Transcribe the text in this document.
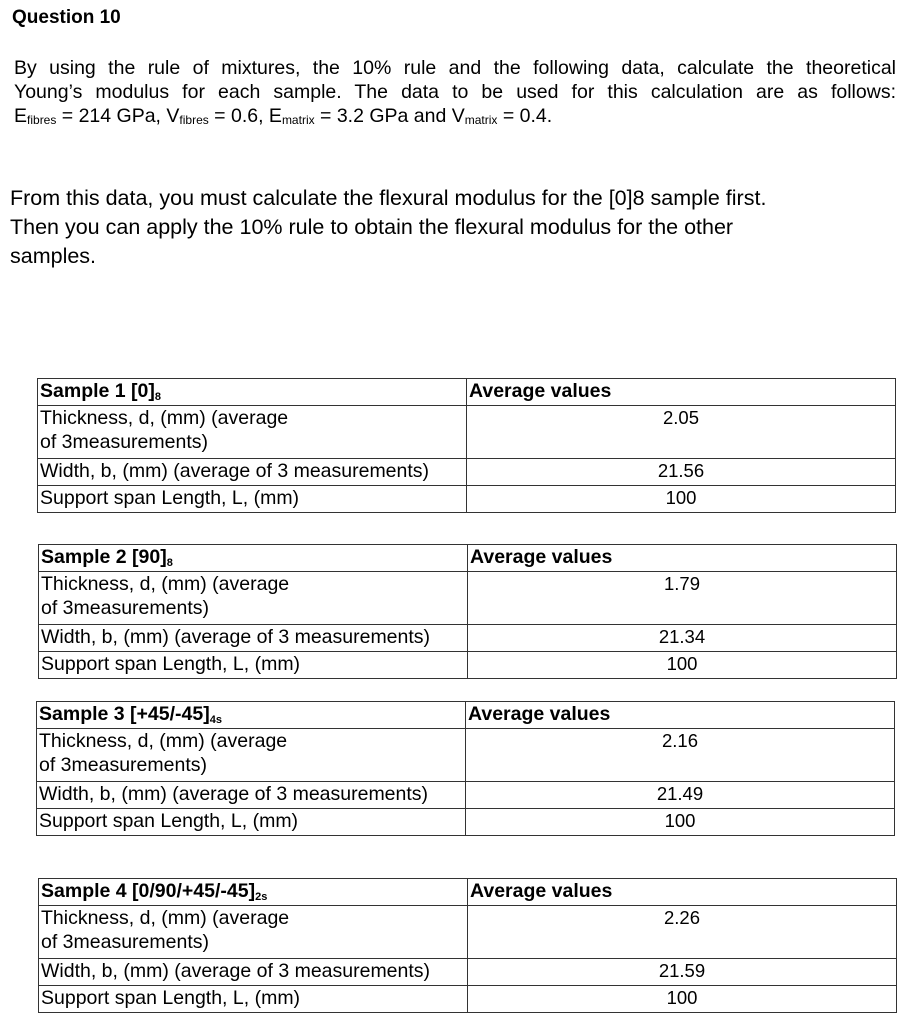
Question 10

By using the rule of mixtures, the 10% rule and the following data, calculate the theoretical

Young’s modulus for each sample. The data to be used for this calculation are as follows:

$E_{fibres} = 214$ GPa, $V_{fibres} = 0.6$, $E_{matrix} = 3.2$ GPa and $V_{matrix} = 0.4$.

From this data, you must calculate the flexural modulus for the [0]8 sample first.

Then you can apply the 10% rule to obtain the flexural modulus for the other

samples.

Sample 1 $[0]_8$	Average values
Thickness, d, (mm) (average
of 3measurements)	2.05
Width, b, (mm) (average of 3 measurements)	21.56
Support span Length, L, (mm)	100
Sample 2 $[90]_8$	Average values
Thickness, d, (mm) (average
of 3measurements)	1.79
Width, b, (mm) (average of 3 measurements)	21.34
Support span Length, L, (mm)	100
Sample 3 $[+45/-45]_{4s}$	Average values
Thickness, d, (mm) (average
of 3measurements)	2.16
Width, b, (mm) (average of 3 measurements)	21.49
Support span Length, L, (mm)	100
Sample 4 $[0/90/+45/-45]_{2s}$	Average values
Thickness, d, (mm) (average
of 3measurements)	2.26
Width, b, (mm) (average of 3 measurements)	21.59
Support span Length, L, (mm)	100
